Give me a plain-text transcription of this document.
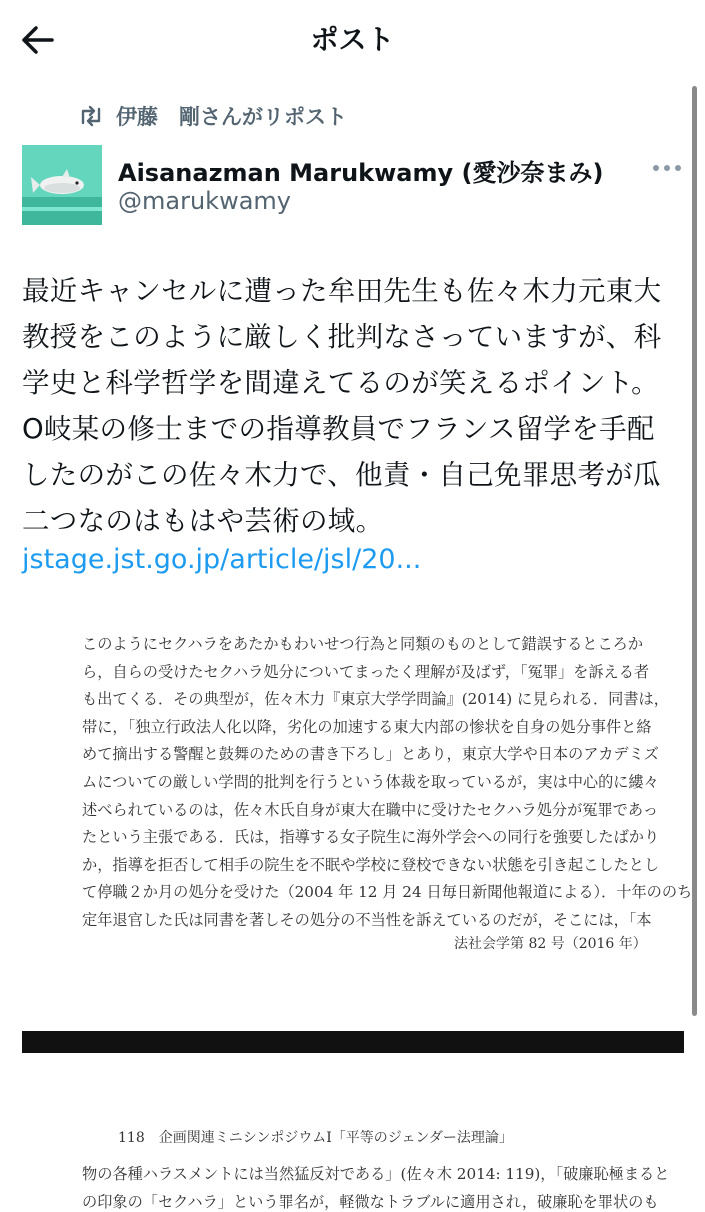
ポスト
伊藤　剛さんがリポスト
Aisanazman Marukwamy (愛沙奈まみ)
@marukwamy

最近キャンセルに遭った牟田先生も佐々木力元東大

教授をこのように厳しく批判なさっていますが、科

学史と科学哲学を間違えてるのが笑えるポイント。

O岐某の修士までの指導教員でフランス留学を手配

したのがこの佐々木力で、他責・自己免罪思考が瓜

二つなのはもはや芸術の域。

jstage.jst.go.jp/article/jsl/20...
このようにセクハラをあたかもわいせつ行為と同類のものとして錯誤するところか
ら，自らの受けたセクハラ処分についてまったく理解が及ばず，「冤罪」を訴える者
も出てくる．その典型が，佐々木力『東京大学学問論』(2014) に見られる．同書は，
帯に，「独立行政法人化以降，劣化の加速する東大内部の惨状を自身の処分事件と絡
めて摘出する警醒と鼓舞のための書き下ろし」とあり，東京大学や日本のアカデミズ
ムについての厳しい学問的批判を行うという体裁を取っているが，実は中心的に縷々
述べられているのは，佐々木氏自身が東大在職中に受けたセクハラ処分が冤罪であっ
たという主張である．氏は，指導する女子院生に海外学会への同行を強要したばかり
か，指導を拒否して相手の院生を不眠や学校に登校できない状態を引き起こしたとし
て停職２か月の処分を受けた（2004 年 12 月 24 日毎日新聞他報道による）．十年ののち
定年退官した氏は同書を著しその処分の不当性を訴えているのだが，そこには，「本
法社会学第 82 号（2016 年）
118　企画関連ミニシンポジウムⅠ「平等のジェンダー法理論」
物の各種ハラスメントには当然猛反対である」(佐々木 2014: 119)，「破廉恥極まると
の印象の「セクハラ」という罪名が，軽微なトラブルに適用され，破廉恥を罪状のも
